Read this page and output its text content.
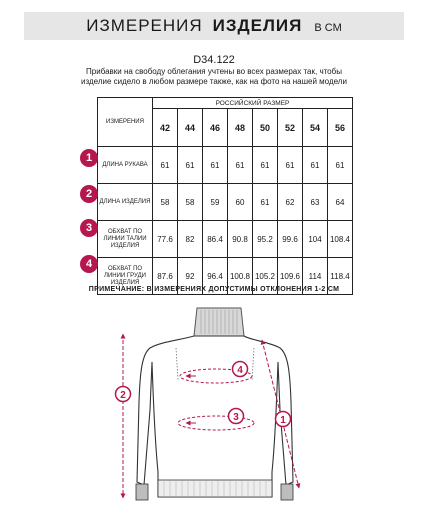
ИЗМЕРЕНИЯ ИЗДЕЛИЯ В СМ
D34.122
Прибавки на свободу облегания учтены во всех размерах так, чтобы изделие сидело в любом размере также, как на фото на нашей модели
ИЗМЕРЕНИЯ	РОССИЙСКИЙ РАЗМЕР							
	42	44	46	48	50	52	54	56
ДЛИНА РУКАВА	61	61	61	61	61	61	61	61
ДЛИНА ИЗДЕЛИЯ	58	58	59	60	61	62	63	64
ОБХВАТ ПО ЛИНИИ ТАЛИИ ИЗДЕЛИЯ	77.6	82	86.4	90.8	95.2	99.6	104	108.4
ОБХВАТ ПО ЛИНИИ ГРУДИ ИЗДЕЛИЯ	87.6	92	96.4	100.8	105.2	109.6	114	118.4
1
2
3
4
ПРИМЕЧАНИЕ: В ИЗМЕРЕНИЯХ ДОПУСТИМЫ ОТКЛОНЕНИЯ 1-2 СМ
4
3
2
1
